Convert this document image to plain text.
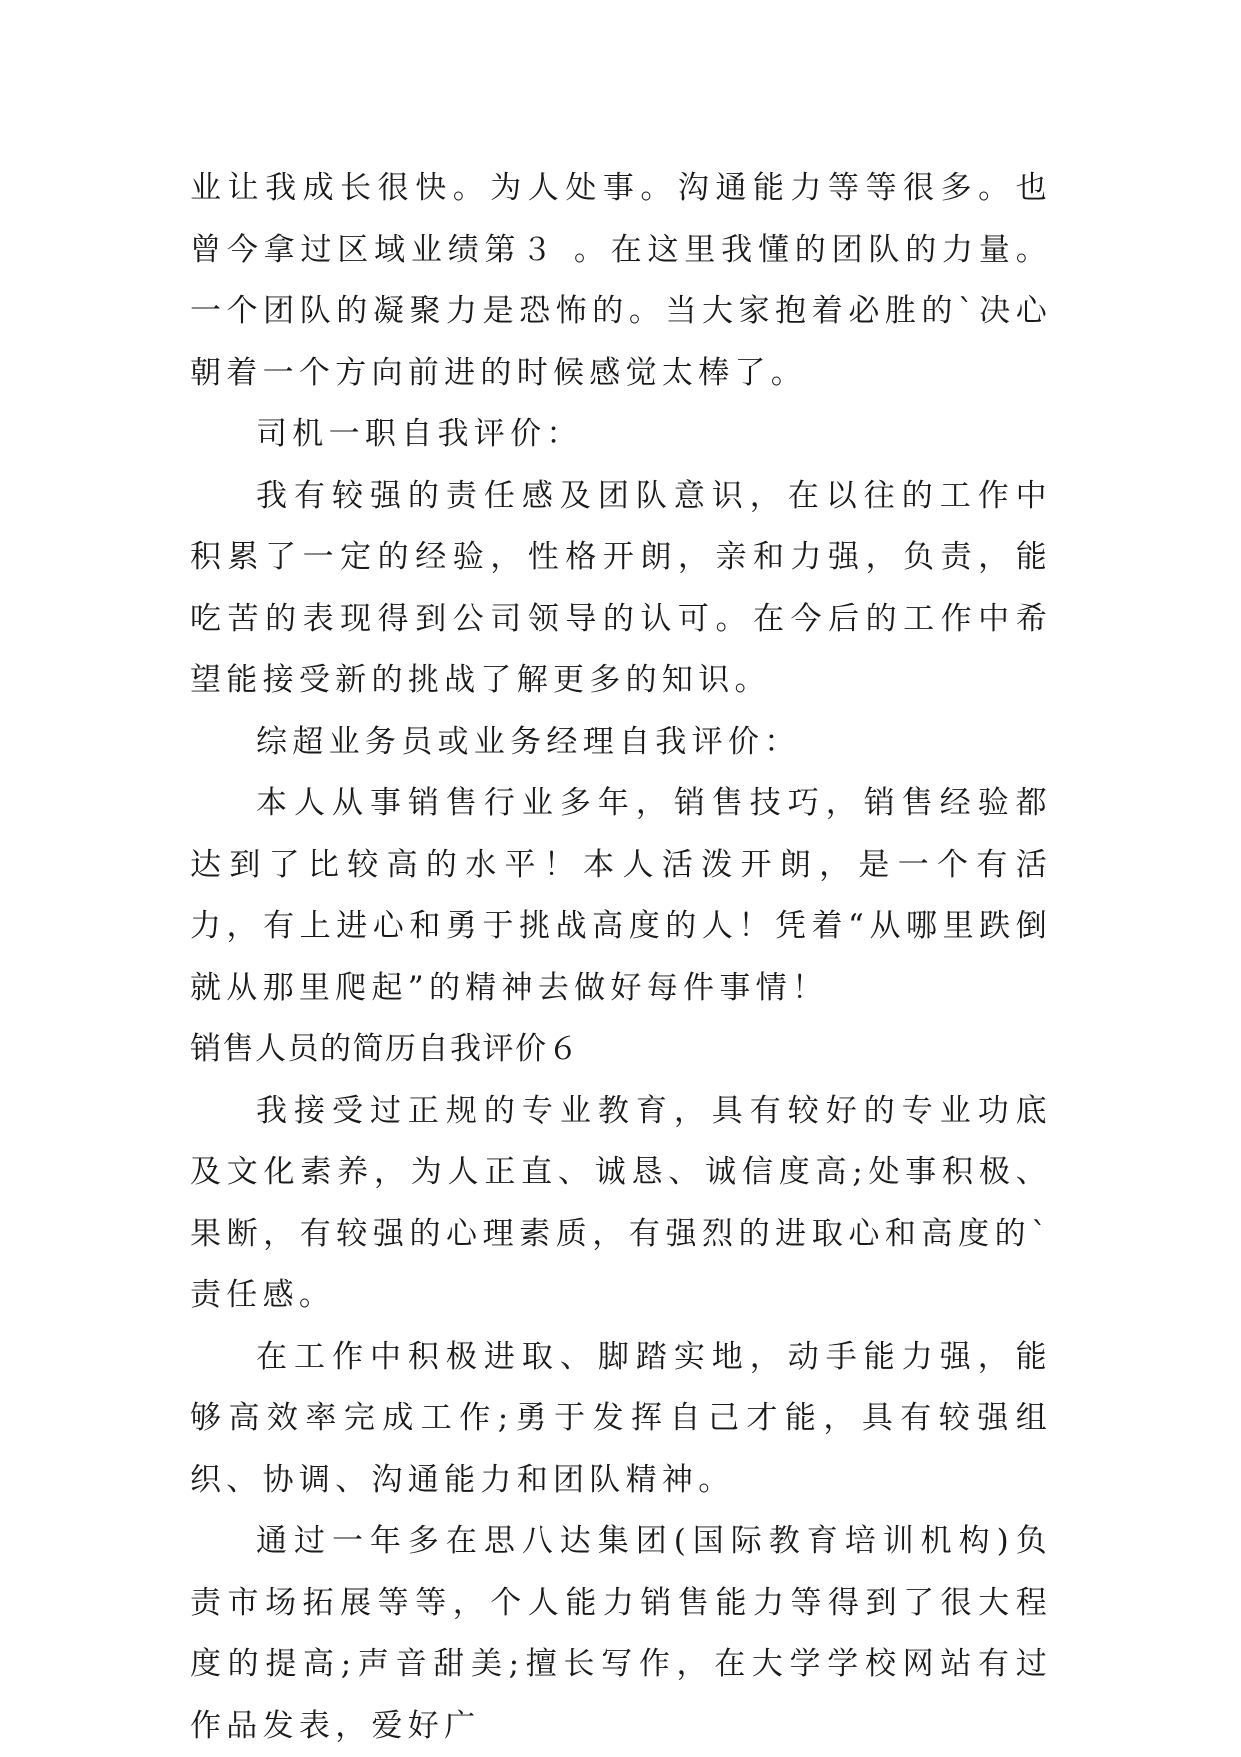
业让我成长很快。为人处事。沟通能力等等很多。也曾今拿过区域业绩第３ 。在这里我懂的团队的力量。一个团队的凝聚力是恐怖的。当大家抱着必胜的`决心朝着一个方向前进的时候感觉太棒了。

司机一职自我评价：

我有较强的责任感及团队意识，在以往的工作中积累了一定的经验，性格开朗，亲和力强，负责，能吃苦的表现得到公司领导的认可。在今后的工作中希望能接受新的挑战了解更多的知识。

综超业务员或业务经理自我评价：

本人从事销售行业多年，销售技巧，销售经验都达到了比较高的水平！本人活泼开朗，是一个有活力，有上进心和勇于挑战高度的人！凭着“从哪里跌倒就从那里爬起”的精神去做好每件事情！

销售人员的简历自我评价６

我接受过正规的专业教育，具有较好的专业功底及文化素养，为人正直、诚恳、诚信度高;处事积极、果断，有较强的心理素质，有强烈的进取心和高度的`责任感。

在工作中积极进取、脚踏实地，动手能力强，能够高效率完成工作;勇于发挥自己才能，具有较强组织、协调、沟通能力和团队精神。

通过一年多在思八达集团(国际教育培训机构)负责市场拓展等等，个人能力销售能力等得到了很大程度的提高;声音甜美;擅长写作，在大学学校网站有过作品发表，爱好广
